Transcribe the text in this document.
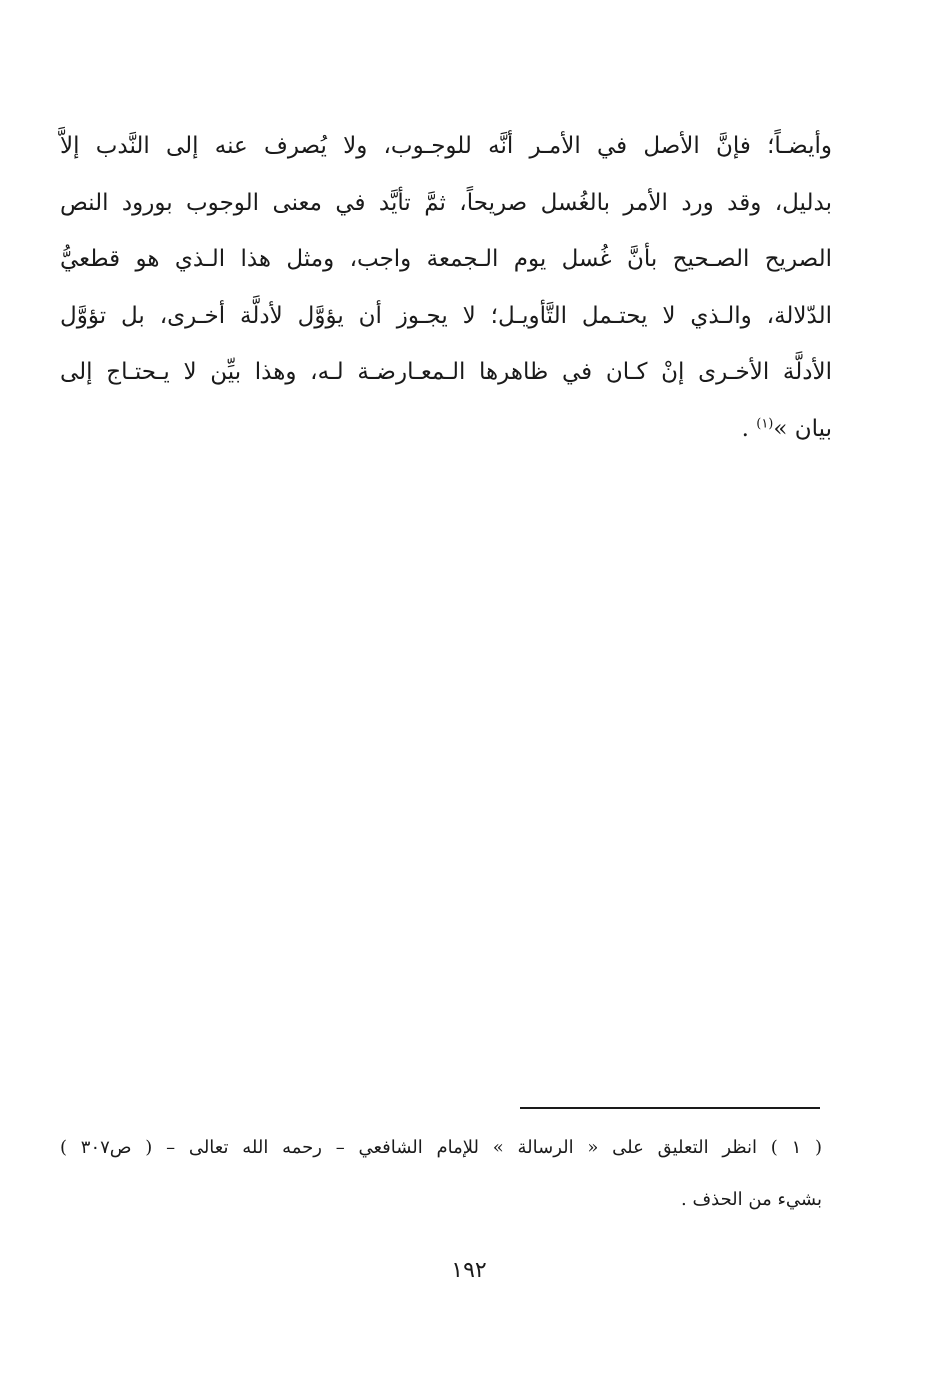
وأيضـاً؛ فإنَّ الأصل في الأمـر أنَّه للوجـوب، ولا يُصرف عنه إلى النَّدب إلاَّ
بدليل، وقد ورد الأمر بالغُسل صريحاً، ثمَّ تأيَّد في معنى الوجوب بورود النص
الصريح الصـحيح بأنَّ غُسل يوم الـجمعة واجب، ومثل هذا الـذي هو قطعيُّ
الدّلالة، والـذي لا يحتـمل التَّأويـل؛ لا يجـوز أن يؤوَّل لأدلَّة أخـرى، بل تؤوَّل
الأدلَّة الأخـرى إنْ كـان في ظاهرها الـمعـارضـة لـه، وهذا بيِّن لا يـحتـاج إلى
بيان »$^{(١)}$ .
( ١ ) انظر التعليق على « الرسالة » للإمام الشافعي – رحمه الله تعالى – ( ص٣٠٧ )
بشيء من الحذف .
١٩٢
